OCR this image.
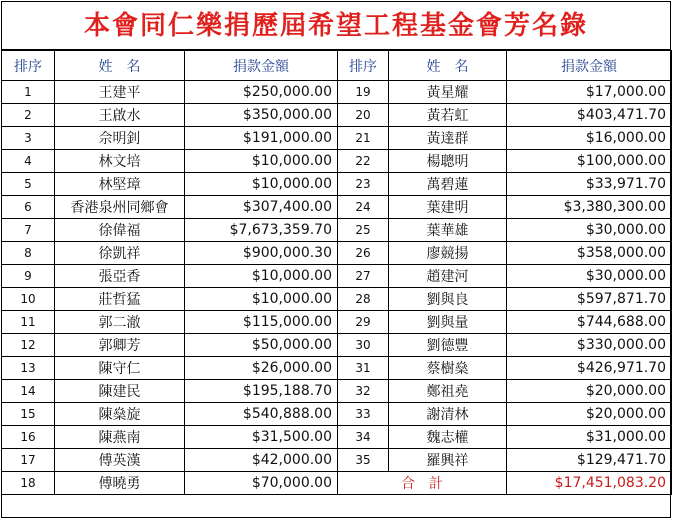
本會同仁樂捐歷屆希望工程基金會芳名錄
排序	姓　名	捐款金額	排序	姓　名	捐款金額
1	王建平	$250,000.00	19	黃星耀	$17,000.00
2	王啟水	$350,000.00	20	黃若虹	$403,471.70
3	佘明釗	$191,000.00	21	黃達群	$16,000.00
4	林文培	$10,000.00	22	楊聰明	$100,000.00
5	林堅璋	$10,000.00	23	萬碧蓮	$33,971.70
6	香港泉州同鄉會	$307,400.00	24	葉建明	$3,380,300.00
7	徐偉福	$7,673,359.70	25	葉華雄	$30,000.00
8	徐凱祥	$900,000.30	26	廖競揚	$358,000.00
9	張亞香	$10,000.00	27	趙建河	$30,000.00
10	莊哲猛	$10,000.00	28	劉與良	$597,871.70
11	郭二澈	$115,000.00	29	劉與量	$744,688.00
12	郭卿芳	$50,000.00	30	劉德豐	$330,000.00
13	陳守仁	$26,000.00	31	蔡樹燊	$426,971.70
14	陳建民	$195,188.70	32	鄭祖堯	$20,000.00
15	陳燊旋	$540,888.00	33	謝清林	$20,000.00
16	陳燕南	$31,500.00	34	魏志權	$31,000.00
17	傅英漢	$42,000.00	35	羅興祥	$129,471.70
18	傅曉勇	$70,000.00	合　計		$17,451,083.20
